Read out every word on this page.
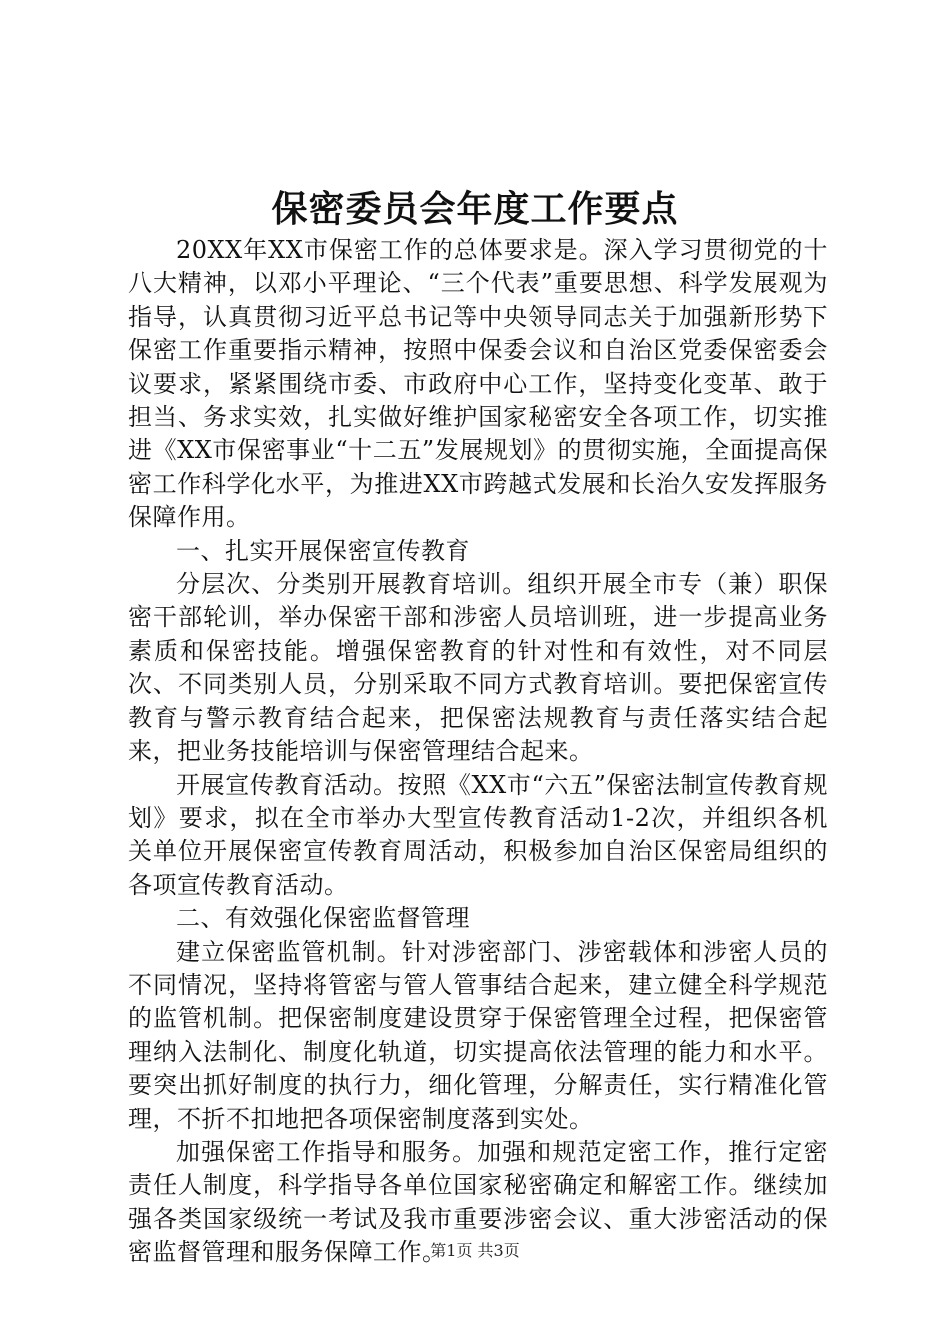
保密委员会年度工作要点

20XX年XX市保密工作的总体要求是。深入学习贯彻党的十八大精神，以邓小平理论、“三个代表”重要思想、科学发展观为指导，认真贯彻习近平总书记等中央领导同志关于加强新形势下保密工作重要指示精神，按照中保委会议和自治区党委保密委会议要求，紧紧围绕市委、市政府中心工作，坚持变化变革、敢于担当、务求实效，扎实做好维护国家秘密安全各项工作，切实推进《XX市保密事业“十二五”发展规划》的贯彻实施，全面提高保密工作科学化水平，为推进XX市跨越式发展和长治久安发挥服务保障作用。

一、扎实开展保密宣传教育

分层次、分类别开展教育培训。组织开展全市专（兼）职保密干部轮训，举办保密干部和涉密人员培训班，进一步提高业务素质和保密技能。增强保密教育的针对性和有效性，对不同层次、不同类别人员，分别采取不同方式教育培训。要把保密宣传教育与警示教育结合起来，把保密法规教育与责任落实结合起来，把业务技能培训与保密管理结合起来。

开展宣传教育活动。按照《XX市“六五”保密法制宣传教育规划》要求，拟在全市举办大型宣传教育活动1-2次，并组织各机关单位开展保密宣传教育周活动，积极参加自治区保密局组织的各项宣传教育活动。

二、有效强化保密监督管理

建立保密监管机制。针对涉密部门、涉密载体和涉密人员的不同情况，坚持将管密与管人管事结合起来，建立健全科学规范的监管机制。把保密制度建设贯穿于保密管理全过程，把保密管理纳入法制化、制度化轨道，切实提高依法管理的能力和水平。要突出抓好制度的执行力，细化管理，分解责任，实行精准化管理，不折不扣地把各项保密制度落到实处。

加强保密工作指导和服务。加强和规范定密工作，推行定密责任人制度，科学指导各单位国家秘密确定和解密工作。继续加强各类国家级统一考试及我市重要涉密会议、重大涉密活动的保密监督管理和服务保障工作。

第1页 共3页
